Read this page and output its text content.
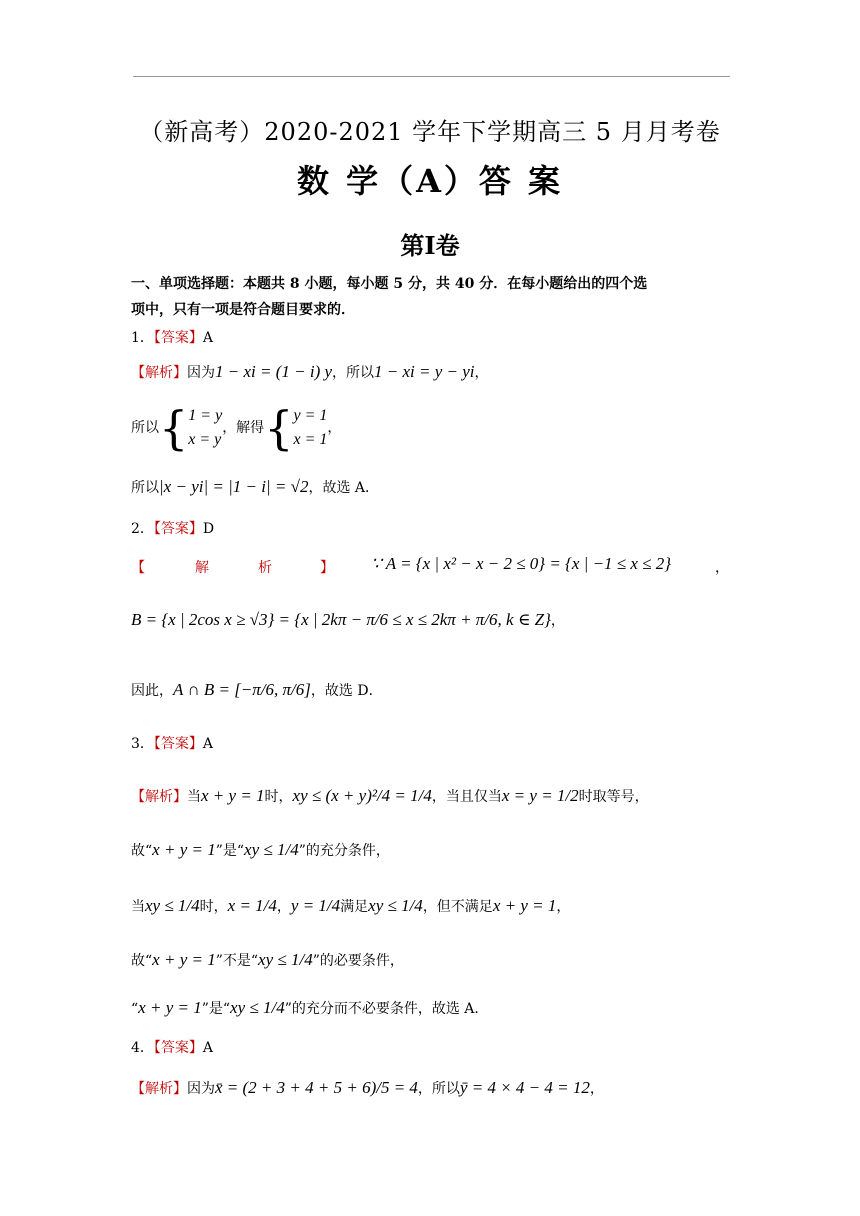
（新高考）2020-2021 学年下学期高三 5 月月考卷
数 学（A）答 案
第Ⅰ卷
一、单项选择题：本题共 8 小题，每小题 5 分，共 40 分．在每小题给出的四个选
项中，只有一项是符合题目要求的．
1．【答案】A
【解析】因为1 − xi = (1 − i) y，所以1 − xi = y − yi，
所以{ 1 = y
x = y
，解得{ y = 1
x = 1
，
所以|x − yi| = |1 − i| = √2，故选 A．
2．【答案】D
【	解	析	】 ∵ A = {x | x² − x − 2 ≤ 0} = {x | −1 ≤ x ≤ 2}	，
B = {x | 2cos x ≥ √3} = {x | 2kπ − π/6 ≤ x ≤ 2kπ + π/6, k ∈ Z}，
因此，A ∩ B = [−π/6, π/6]，故选 D．
3．【答案】A
【解析】当x + y = 1时，xy ≤ (x + y)²/4 = 1/4，当且仅当x = y = 1/2时取等号，
故“x + y = 1”是“xy ≤ 1/4”的充分条件，
当xy ≤ 1/4时，x = 1/4，y = 1/4满足xy ≤ 1/4，但不满足x + y = 1，
故“x + y = 1”不是“xy ≤ 1/4”的必要条件，
“x + y = 1”是“xy ≤ 1/4”的充分而不必要条件，故选 A．
4．【答案】A
【解析】因为x̄ = (2 + 3 + 4 + 5 + 6)/5 = 4，所以ȳ = 4 × 4 − 4 = 12，
